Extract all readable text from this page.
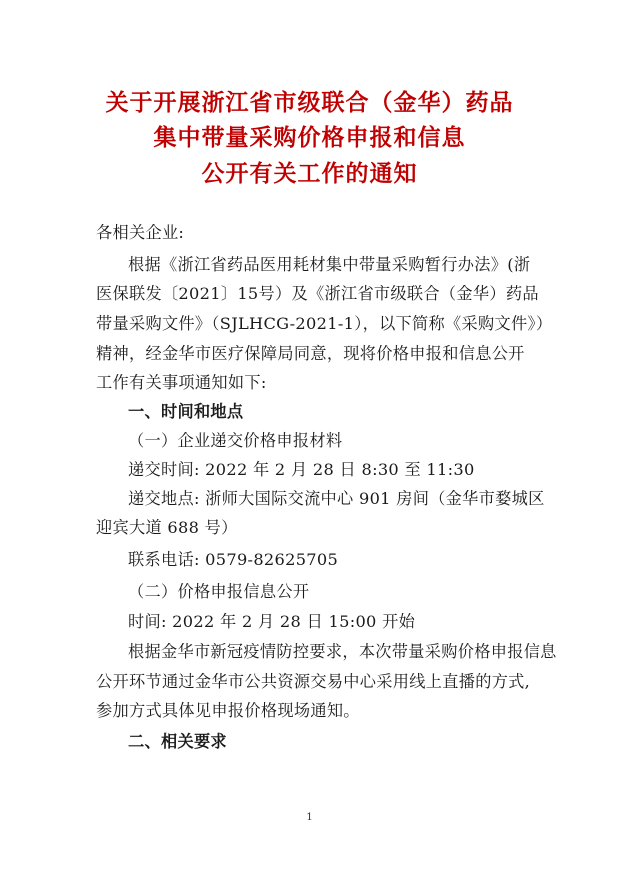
关于开展浙江省市级联合（金华）药品
集中带量采购价格申报和信息
公开有关工作的通知
各相关企业:
根据《浙江省药品医用耗材集中带量采购暂行办法》(浙
医保联发〔2021〕15号）及《浙江省市级联合（金华）药品
带量采购文件》（SJLHCG-2021-1），以下简称《采购文件》）
精神，经金华市医疗保障局同意，现将价格申报和信息公开
工作有关事项通知如下:
一、时间和地点
（一）企业递交价格申报材料
递交时间: 2022 年 2 月 28 日 8:30 至 11:30
递交地点: 浙师大国际交流中心 901 房间（金华市婺城区
迎宾大道 688 号）
联系电话: 0579-82625705
（二）价格申报信息公开
时间: 2022 年 2 月 28 日 15:00 开始
根据金华市新冠疫情防控要求，本次带量采购价格申报信息
公开环节通过金华市公共资源交易中心采用线上直播的方式,
参加方式具体见申报价格现场通知。
二、相关要求
1
